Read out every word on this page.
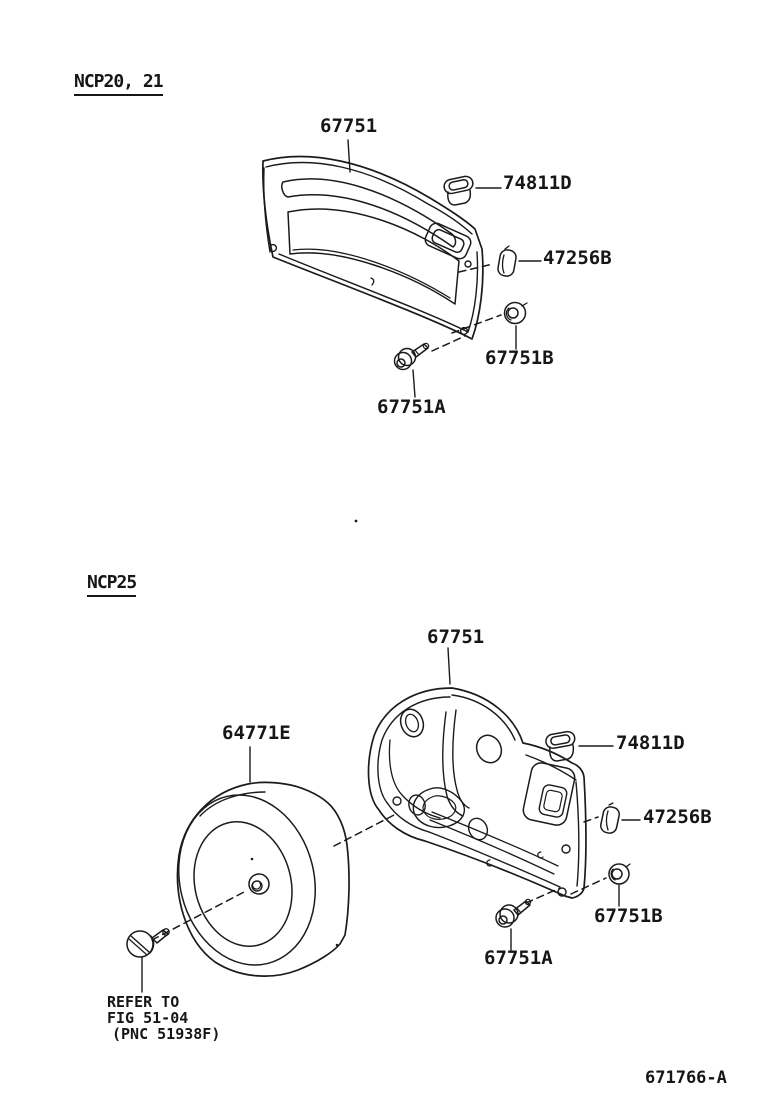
NCP20, 21
67751
74811D
47256B
67751B
67751A
NCP25
67751
64771E	74811D
47256B
67751B
67751A
REFER TO
FIG 51-04
(PNC 51938F)
671766-A
